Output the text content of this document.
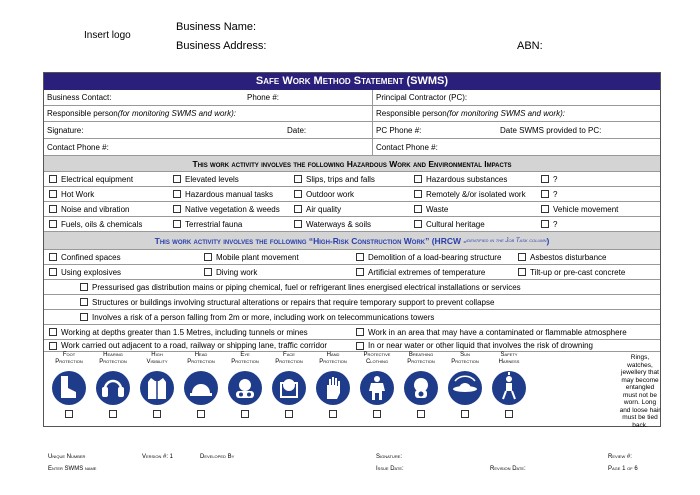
Insert logo
Business Name:
Business Address:	ABN:
Safe Work Method Statement (SWMS)
Business Contact:	Phone #:	Principal Contractor (PC):
Responsible person (for monitoring SWMS and work):	Responsible person (for monitoring SWMS and work):
Signature:	Date:	PC Phone #:	Date SWMS provided to PC:
Contact Phone #:	Contact Phone #:
This work activity involves the following Hazardous Work and Environmental Impacts
Electrical equipment	Elevated levels	Slips, trips and falls	Hazardous substances	?
Hot Work	Hazardous manual tasks	Outdoor work	Remotely &/or isolated work	?
Noise and vibration	Native vegetation & weeds	Air quality	Waste	Vehicle movement
Fuels, oils & chemicals	Terrestrial fauna	Waterways & soils	Cultural heritage	?
This work activity involves the following “High-Risk Construction Work” (HRCW - identified in the Job Task column )
Confined spaces	Mobile plant movement	Demolition of a load-bearing structure	Asbestos disturbance
Using explosives	Diving work	Artificial extremes of temperature	Tilt-up or pre-cast concrete
Pressurised gas distribution mains or piping chemical, fuel or refrigerant lines energised electrical installations or services
Structures or buildings involving structural alterations or repairs that require temporary support to prevent collapse
Involves a risk of a person falling from 2m or more, including work on telecommunications towers
Working at depths greater than 1.5 Metres, including tunnels or mines	Work in an area that may have a contaminated or flammable atmosphere
Work carried out adjacent to a road, railway or shipping lane, traffic corridor	In or near water or other liquid that involves the risk of drowning
Rings, watches, jewellery that may become entangled must not be worn. Long and loose hair must be tied back.
Foot
Protection
Hearing
Protection
High
Visibility
Head
Protection
Eye
Protection
Face
Protection
Hand
Protection
Protective
Clothing
Breathing
Protection
Sun
Protection
Safety
Harness
Unique Number	Version #: 1	Developed By	Signature:	Review #:
Enter SWMS name	Issue Date:	Revision Date:	Page 1 of 6
